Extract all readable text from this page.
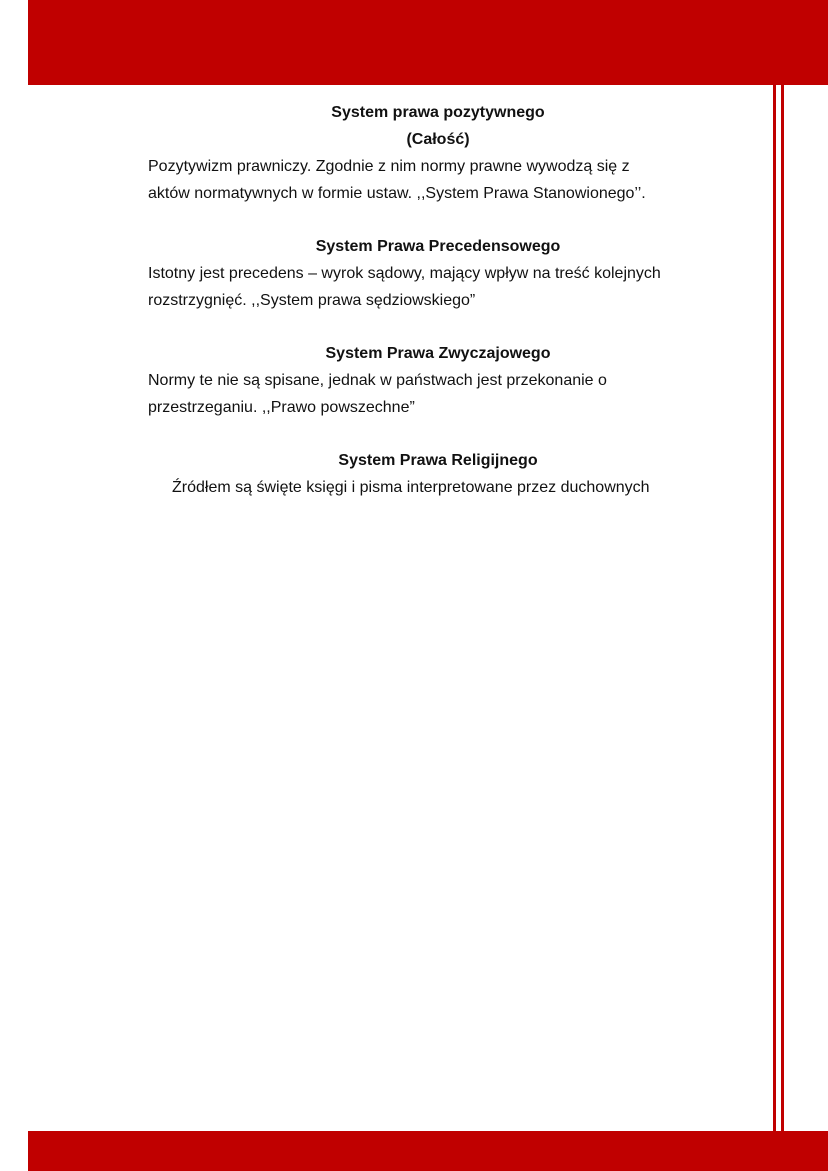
System prawa pozytywnego

(Całość)

Pozytywizm prawniczy. Zgodnie z nim normy prawne wywodzą się z

aktów normatywnych w formie ustaw. ,,System Prawa Stanowionego’’.

System Prawa Precedensowego

Istotny jest precedens – wyrok sądowy, mający wpływ na treść kolejnych

rozstrzygnięć. ,,System prawa sędziowskiego”

System Prawa Zwyczajowego

Normy te nie są spisane, jednak w państwach jest przekonanie o

przestrzeganiu. ,,Prawo powszechne”

System Prawa Religijnego

Źródłem są święte księgi i pisma interpretowane przez duchownych
